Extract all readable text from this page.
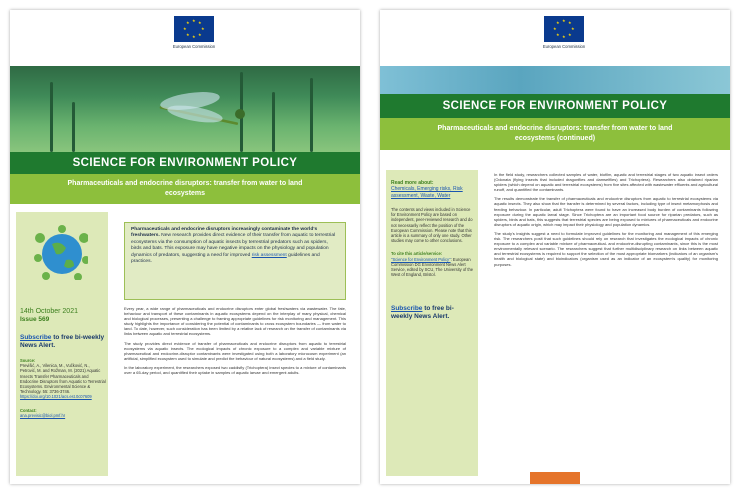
★ ★
★
★
★
★
★
★
European Commission
SCIENCE FOR ENVIRONMENT POLICY
Pharmaceuticals and endocrine disruptors: transfer from water to land ecosystems
14th October 2021
Issue 569
Subscribe to free bi-weekly News Alert.
Source:
Previšić, A., Vilenica, M., Vučković, N., Petrović, M. and Rožman, M. (2021) Aquatic Insects Transfer Pharmaceuticals and Endocrine Disruptors from Aquatic to Terrestrial Ecosystems. Environmental Science & Technology. 55: 3736-3746.
https://doi.org/10.1021/acs.est.0c07609
Contact:
ana.previsic@biol.pmf.hr
Pharmaceuticals and endocrine disruptors increasingly contaminate the world's freshwaters. New research provides direct evidence of their transfer from aquatic to terrestrial ecosystems via the consumption of aquatic insects by terrestrial predators such as spiders, birds and bats. This exposure may have negative impacts on the physiology and population dynamics of predators, suggesting a need for improved risk assessment guidelines and practices.

Every year, a wide range of pharmaceuticals and endocrine disruptors enter global freshwaters via wastewater. The fate, behaviour and transport of these contaminants in aquatic ecosystems depend on the interplay of many physical, chemical and biological processes, presenting a challenge to framing appropriate guidelines for risk monitoring and management. This study highlights the importance of considering the potential of contaminants to cross ecosystem boundaries — from water to land. To date, however, such consideration has been limited by a relative lack of research on the transfer of contaminants via links between aquatic and terrestrial ecosystems.

The study provides direct evidence of transfer of pharmaceuticals and endocrine disruptors from aquatic to terrestrial ecosystems via aquatic insects. The ecological impacts of chronic exposure to a complex and variable mixture of pharmaceutical and endocrine-disruptor contaminants were investigated using both a laboratory microcosm experiment (an artificial, simplified ecosystem used to simulate and predict the behaviour of natural ecosystems) and a field study.

In the laboratory experiment, the researchers exposed two caddisfly (Trichoptera) insect species to a mixture of contaminants over a 65-day period, and quantified their uptake in samples of aquatic larvae and emergent adults.

★ ★
★
★
★
★
★
★
European Commission
SCIENCE FOR ENVIRONMENT POLICY
Pharmaceuticals and endocrine disruptors: transfer from water to land ecosystems (continued)
Read more about:
Chemicals, Emerging risks, Risk assessment, Waste, Water
The contents and views included in Science for Environment Policy are based on independent, peer-reviewed research and do not necessarily reflect the position of the European Commission. Please note that this article is a summary of only one study. Other studies may come to other conclusions.
To cite this article/service:
"Science for Environment Policy": European Commission DG Environment News Alert Service, edited by SCU, The University of the West of England, Bristol.
Subscribe to free bi-weekly News Alert.

In the field study, researchers collected samples of water, biofilm, aquatic and terrestrial stages of two aquatic insect orders (Odonata (flying insects that included dragonflies and damselflies) and Trichoptera). Researchers also obtained riparian spiders (which depend on aquatic and terrestrial ecosystems) from five sites affected with wastewater effluents and agricultural runoff, and quantified the contaminants.

The results demonstrate the transfer of pharmaceuticals and endocrine disruptors from aquatic to terrestrial ecosystems via aquatic insects. They also show that the transfer is determined by several factors, including type of insect metamorphosis and feeding behaviour. In particular, adult Trichoptera were found to have an increased body burden of contaminants following exposure during the aquatic larval stage. Since Trichoptera are an important food source for riparian predators, such as spiders, birds and bats, this suggests that terrestrial species are being exposed to mixtures of pharmaceuticals and endocrine disruptors of aquatic origin, which may impact their physiology and population dynamics.

The study's insights suggest a need to formulate improved guidelines for the monitoring and management of this emerging risk. The researchers posit that such guidelines should rely on research that investigates the ecological impacts of chronic exposure to a complex and variable mixture of pharmaceutical- and endocrine-disrupting contaminants, since this is the most environmentally relevant scenario. The researchers suggest that further multidisciplinary research on links between aquatic and terrestrial ecosystems is required to support the selection of the most appropriate biomarkers (indicators of an organism's health and biological state) and bioindicators (organism used as an indicator of an ecosystem's quality) for monitoring purposes.
